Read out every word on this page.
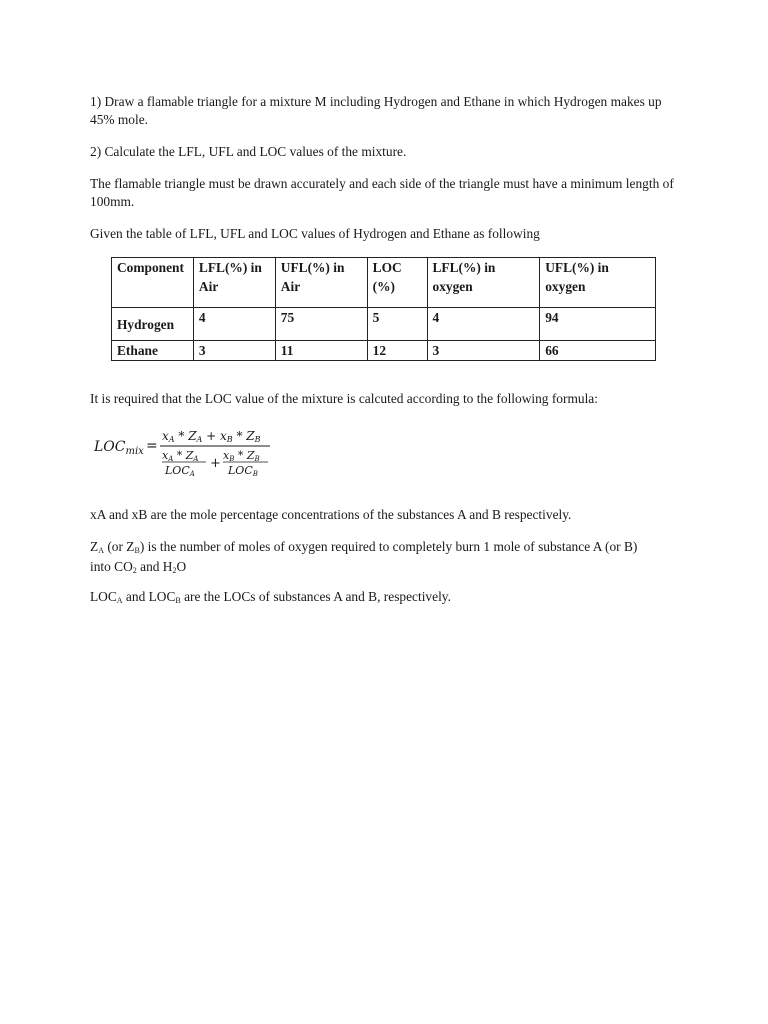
1) Draw a flamable triangle for a mixture M including Hydrogen and Ethane in which Hydrogen makes up 45% mole.

2) Calculate the LFL, UFL and LOC values of the mixture.

The flamable triangle must be drawn accurately and each side of the triangle must have a minimum length of 100mm.

Given the table of LFL, UFL and LOC values of Hydrogen and Ethane as following

Component	LFL(%) in Air	UFL(%) in Air	LOC(%)	LFL(%) in oxygen	UFL(%) in oxygen
Hydrogen	4	75	5	4	94
Ethane	3	11	12	3	66

It is required that the LOC value of the mixture is calcuted according to the following formula:

$LOC_{mix}$ =
xA * ZA + xB * ZB
xA * ZA
LOCA
+
xB * ZB
LOCB

xA and xB are the mole percentage concentrations of the substances A and B respectively.

ZA (or ZB) is the number of moles of oxygen required to completely burn 1 mole of substance A (or B)
into CO2 and H2O

LOCA and LOCB are the LOCs of substances A and B, respectively.
